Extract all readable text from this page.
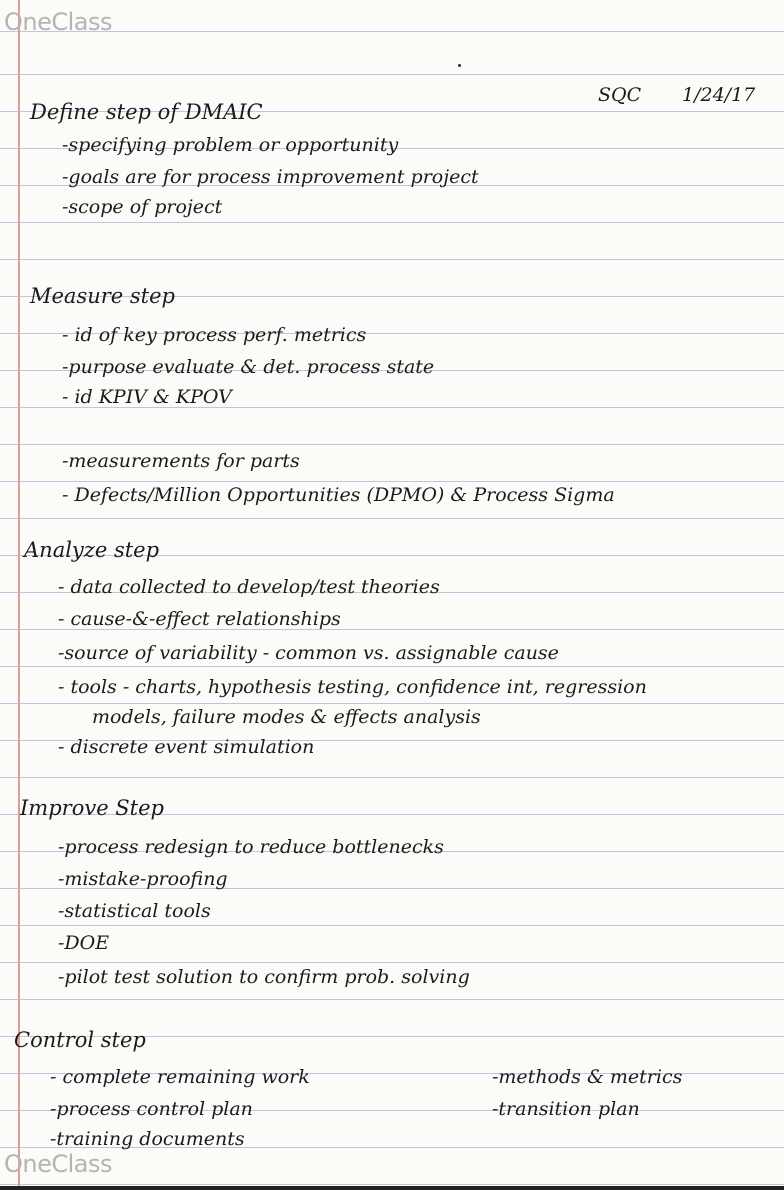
OneClass
SQC 1/24/17
Define step of DMAIC
-specifying problem or opportunity
-goals are for process improvement project
-scope of project
Measure step
- id of key process perf. metrics
-purpose evaluate & det. process state
- id KPIV & KPOV
-measurements for parts
- Defects/Million Opportunities (DPMO) & Process Sigma
Analyze step
- data collected to develop/test theories
- cause-&-effect relationships
-source of variability - common vs. assignable cause
- tools - charts, hypothesis testing, confidence int, regression
models, failure modes & effects analysis
- discrete event simulation
Improve Step
-process redesign to reduce bottlenecks
-mistake-proofing
-statistical tools
-DOE
-pilot test solution to confirm prob. solving
Control step
- complete remaining work	-methods & metrics
-process control plan	-transition plan
-training documents
OneClass
